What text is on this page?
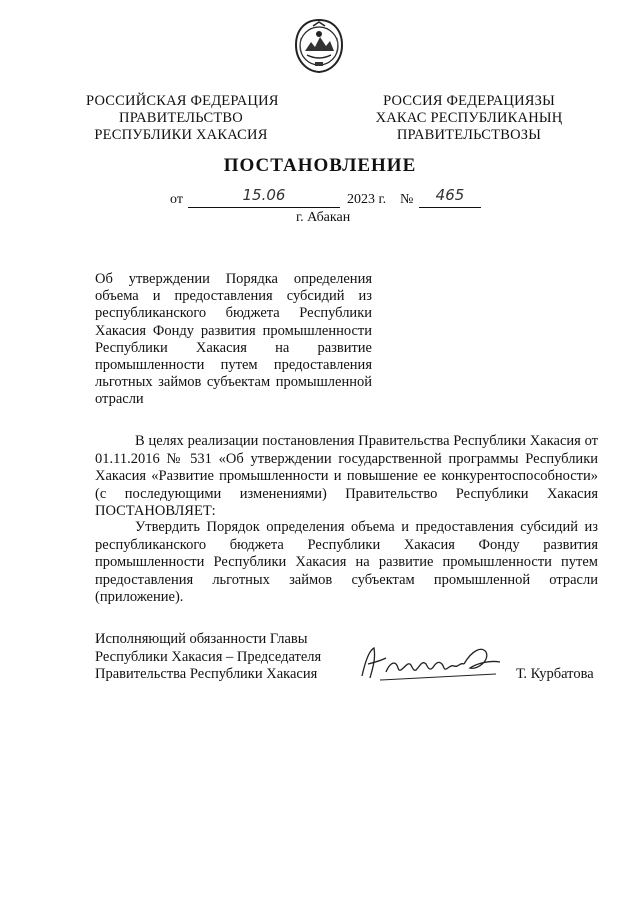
РОССИЙСКАЯ ФЕДЕРАЦИЯ
ПРАВИТЕЛЬСТВО
РЕСПУБЛИКИ ХАКАСИЯ
РОССИЯ ФЕДЕРАЦИЯЗЫ
ХАКАС РЕСПУБЛИКАНЫҢ
ПРАВИТЕЛЬСТВОЗЫ
ПОСТАНОВЛЕНИЕ
от	15.06	2023 г. №	465
г. Абакан
Об утверждении Порядка определения объема и предоставления субсидий из республиканского бюджета Республики Хакасия Фонду развития промышленности Республики Хакасия на развитие промышленности путем предоставления льготных займов субъектам промышленной отрасли
В целях реализации постановления Правительства Республики Хакасия от 01.11.2016 № 531 «Об утверждении государственной программы Республики Хакасия «Развитие промышленности и повышение ее конкурентоспособности» (с последующими изменениями) Правительство Республики Хакасия ПОСТАНОВЛЯЕТ:
Утвердить Порядок определения объема и предоставления субсидий из республиканского бюджета Республики Хакасия Фонду развития промышленности Республики Хакасия на развитие промышленности путем предоставления льготных займов субъектам промышленной отрасли (приложение).
Исполняющий обязанности Главы
Республики Хакасия – Председателя
Правительства Республики Хакасия	Т. Курбатова
